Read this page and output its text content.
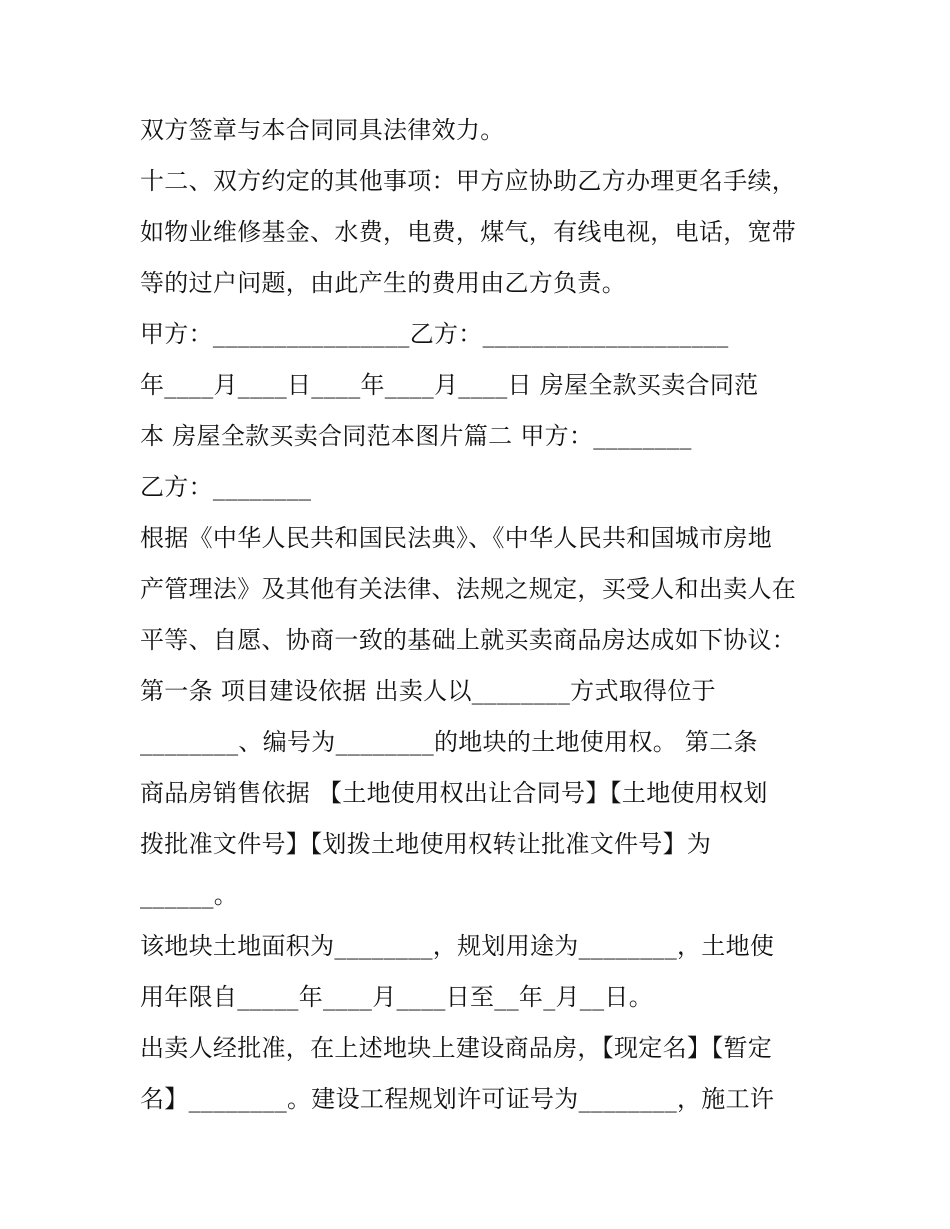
双方签章与本合同同具法律效力。
十二、双方约定的其他事项：甲方应协助乙方办理更名手续，
如物业维修基金、水费，电费，煤气，有线电视，电话，宽带
等的过户问题，由此产生的费用由乙方负责。
甲方：________________乙方：____________________
年____月____日____年____月____日 房屋全款买卖合同范
本 房屋全款买卖合同范本图片篇二 甲方：________
乙方：________
根据《中华人民共和国民法典》、《中华人民共和国城市房地
产管理法》及其他有关法律、法规之规定，买受人和出卖人在
平等、自愿、协商一致的基础上就买卖商品房达成如下协议：
第一条 项目建设依据 出卖人以________方式取得位于
________、编号为________的地块的土地使用权。 第二条
商品房销售依据 【土地使用权出让合同号】【土地使用权划
拨批准文件号】【划拨土地使用权转让批准文件号】为
______。
该地块土地面积为________，规划用途为________，土地使
用年限自_____年____月____日至__年_月__日。
出卖人经批准，在上述地块上建设商品房，【现定名】【暂定
名】________。建设工程规划许可证号为________，施工许
